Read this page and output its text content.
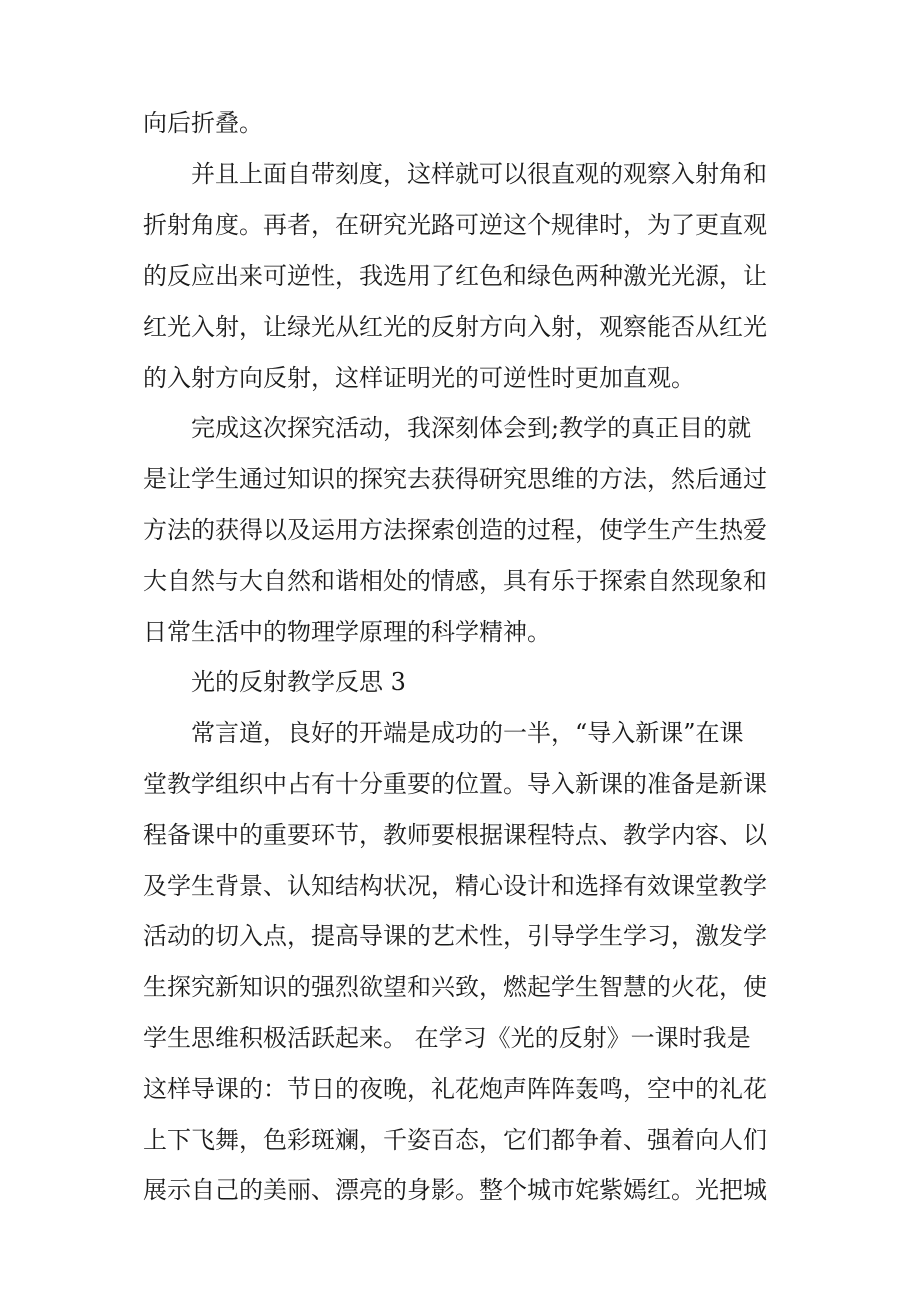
向后折叠。
并且上面自带刻度，这样就可以很直观的观察入射角和
折射角度。再者，在研究光路可逆这个规律时，为了更直观
的反应出来可逆性，我选用了红色和绿色两种激光光源，让
红光入射，让绿光从红光的反射方向入射，观察能否从红光
的入射方向反射，这样证明光的可逆性时更加直观。
完成这次探究活动，我深刻体会到;教学的真正目的就
是让学生通过知识的探究去获得研究思维的方法，然后通过
方法的获得以及运用方法探索创造的过程，使学生产生热爱
大自然与大自然和谐相处的情感，具有乐于探索自然现象和
日常生活中的物理学原理的科学精神。
光的反射教学反思 3
常言道，良好的开端是成功的一半，“导入新课”在课
堂教学组织中占有十分重要的位置。导入新课的准备是新课
程备课中的重要环节，教师要根据课程特点、教学内容、以
及学生背景、认知结构状况，精心设计和选择有效课堂教学
活动的切入点，提高导课的艺术性，引导学生学习，激发学
生探究新知识的强烈欲望和兴致，燃起学生智慧的火花，使
学生思维积极活跃起来。 在学习《光的反射》一课时我是
这样导课的：节日的夜晚，礼花炮声阵阵轰鸣，空中的礼花
上下飞舞，色彩斑斓，千姿百态，它们都争着、强着向人们
展示自己的美丽、漂亮的身影。整个城市姹紫嫣红。光把城
